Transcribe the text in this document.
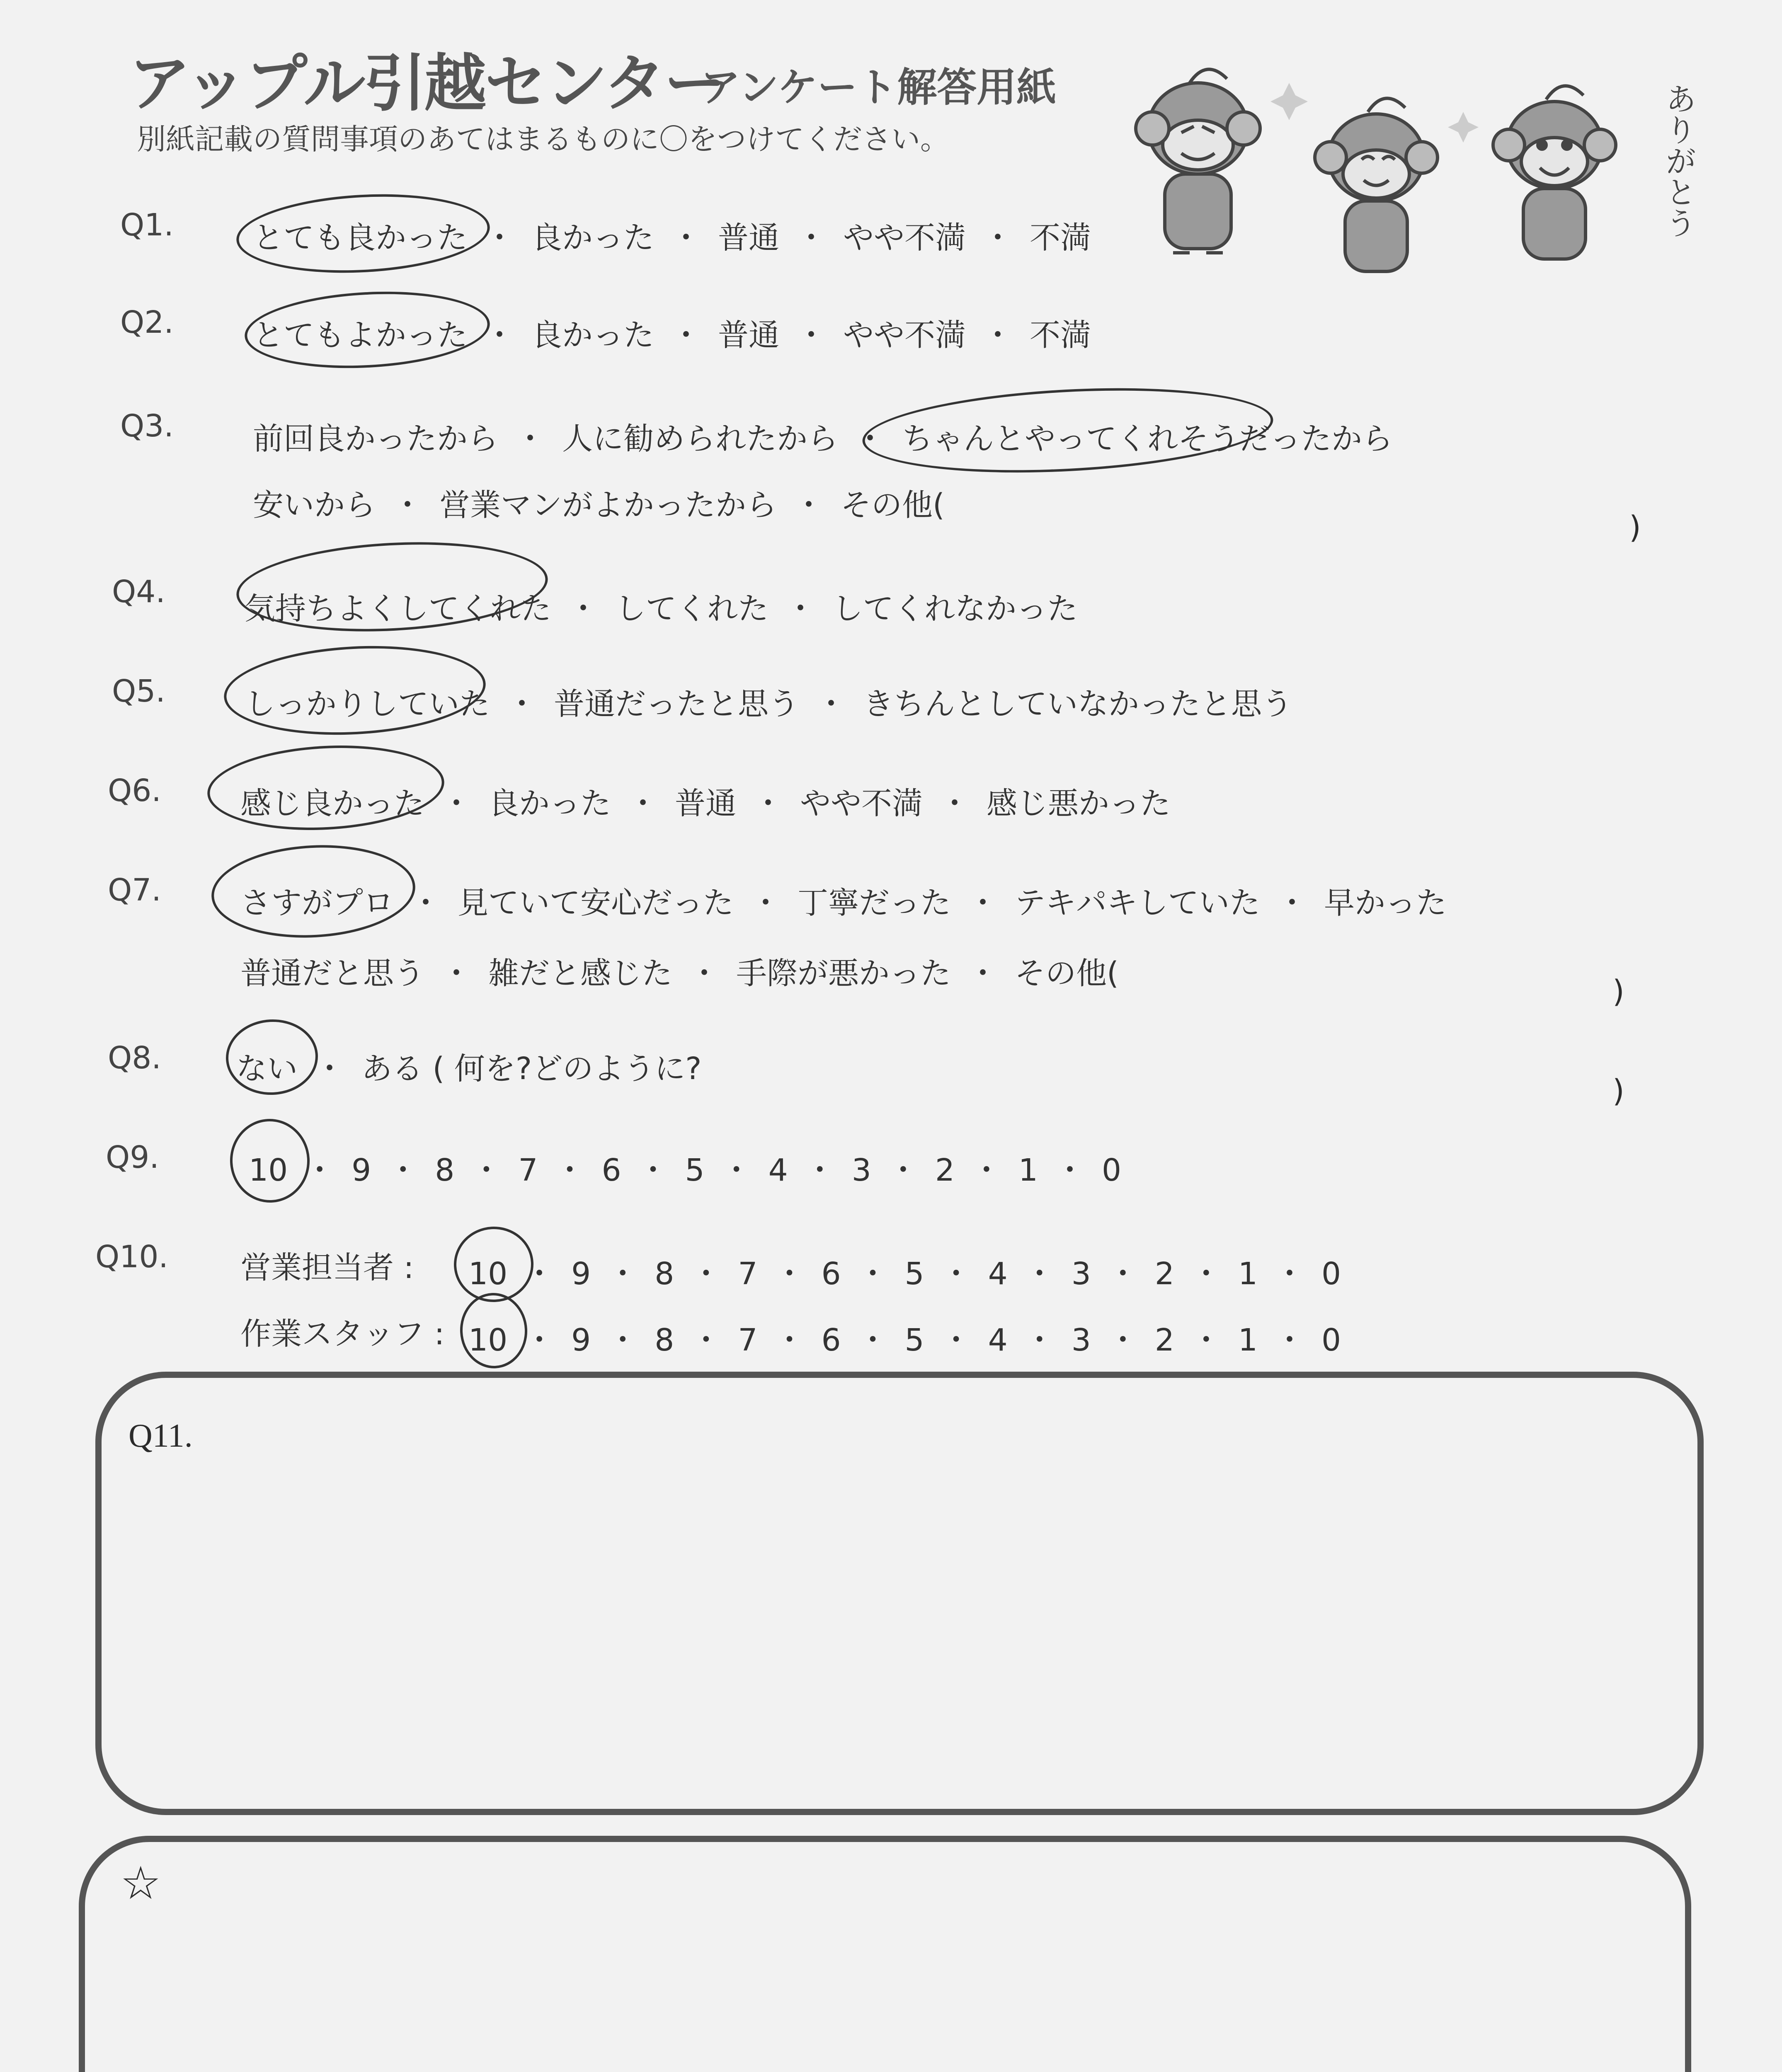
アップル引越センター
アンケート解答用紙
別紙記載の質問事項のあてはまるものに〇をつけてください。	ありがとう
Q1.	とても良かった ・ 良かった ・ 普通 ・ やや不満 ・ 不満
Q2.	とてもよかった ・ 良かった ・ 普通 ・ やや不満 ・ 不満
Q3.	前回良かったから ・ 人に勧められたから ・ ちゃんとやってくれそうだったから
安いから ・ 営業マンがよかったから ・ その他(
)
Q4.	気持ちよくしてくれた ・ してくれた ・ してくれなかった
Q5.	しっかりしていた ・ 普通だったと思う ・ きちんとしていなかったと思う
Q6.	感じ良かった ・ 良かった ・ 普通 ・ やや不満 ・ 感じ悪かった
Q7.	さすがプロ ・ 見ていて安心だった ・ 丁寧だった ・ テキパキしていた ・ 早かった
普通だと思う ・ 雑だと感じた ・ 手際が悪かった ・ その他(
)
Q8. ない ・ ある ( 何を?どのように?
)
Q9.	10 ・ 9 ・ 8 ・ 7 ・ 6 ・ 5 ・ 4 ・ 3 ・ 2 ・ 1 ・ 0
Q10. 営業担当者 : 10 ・ 9 ・ 8 ・ 7 ・ 6 ・ 5 ・ 4 ・ 3 ・ 2 ・ 1 ・ 0
作業スタッフ : 10 ・ 9 ・ 8 ・ 7 ・ 6 ・ 5 ・ 4 ・ 3 ・ 2 ・ 1 ・ 0
Q11.
☆
